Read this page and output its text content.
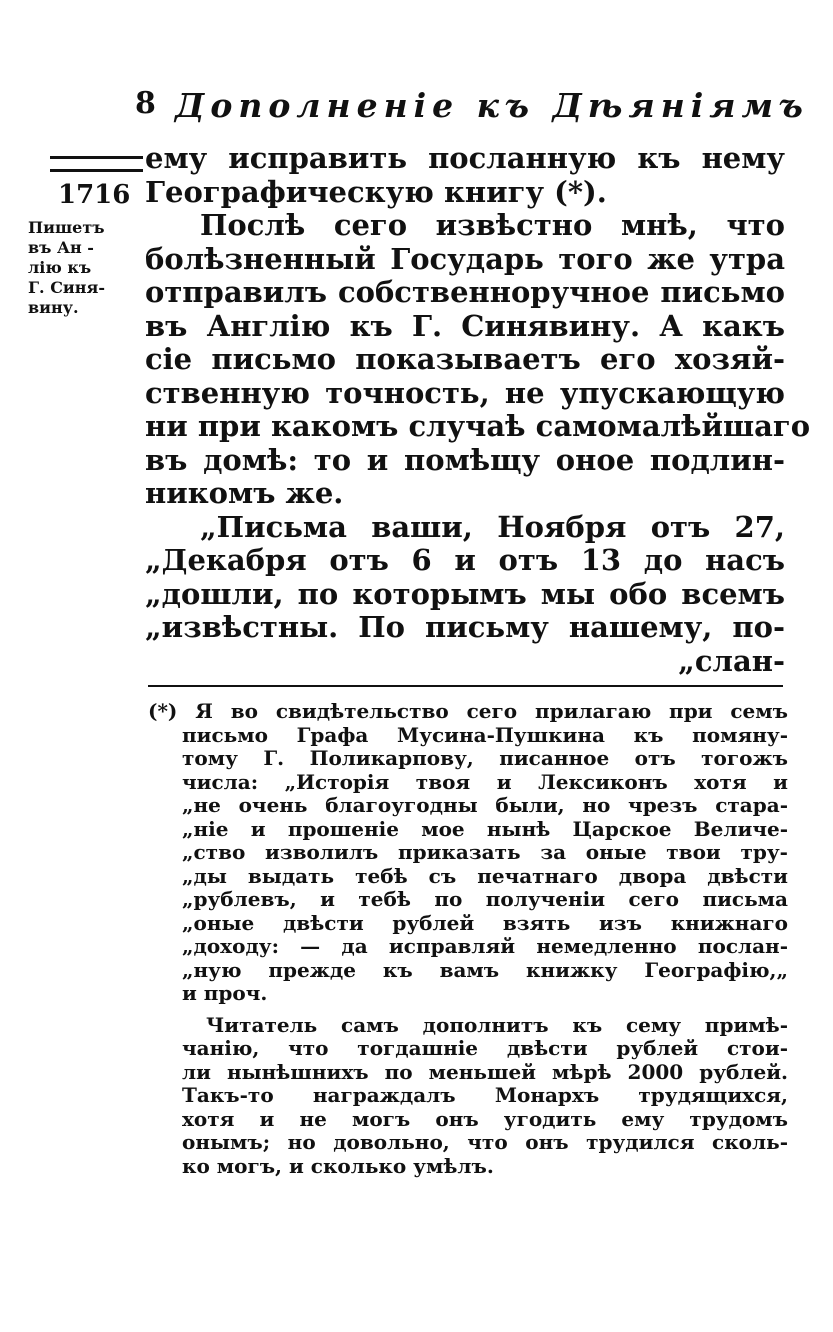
8 Дополненiе къ Дѣянiямъ
1716
Пишетъ
въ Ан -
лiю къ
Г. Синя-
вину.
ему исправить посланную къ нему
Географическую книгу (*).
Послѣ сего извѣстно мнѣ, что
болѣзненный Государь того же утра
отправилъ собственноручное письмо
въ Англiю къ Г. Синявину. А какъ
сiе письмо показываетъ его хозяй-
ственную точность, не упускающую
ни при какомъ случаѣ самомалѣйшаго
въ домѣ: то и помѣщу оное подлин-
никомъ же.
„Письма ваши, Ноября отъ 27,
„Декабря отъ 6 и отъ 13 до насъ
„дошли, по которымъ мы обо всемъ
„извѣстны. По письму нашему, по-
„слан-
(*) Я во свидѣтельство сего прилагаю при семъ
письмо Графа Мусина-Пушкина къ помяну-
тому Г. Поликарпову, писанное отъ тогожъ
числа: „Исторiя твоя и Лексиконъ хотя и
„не очень благоугодны были, но чрезъ стара-
„нiе и прошенiе мое нынѣ Царское Величе-
„ство изволилъ приказать за оные твои тру-
„ды выдать тебѣ съ печатнаго двора двѣсти
„рублевъ, и тебѣ по полученiи сего письма
„оные двѣсти рублей взять изъ книжнаго
„доходу: — да исправляй немедленно послан-
„ную прежде къ вамъ книжку Географiю,„
и проч.
Читатель самъ дополнитъ къ сему примѣ-
чанiю, что тогдашнiе двѣсти рублей стои-
ли нынѣшнихъ по меньшей мѣрѣ 2000 рублей.
Такъ-то награждалъ Монархъ трудящихся,
хотя и не могъ онъ угодить ему трудомъ
онымъ; но довольно, что онъ трудился сколь-
ко могъ, и сколько умѣлъ.
